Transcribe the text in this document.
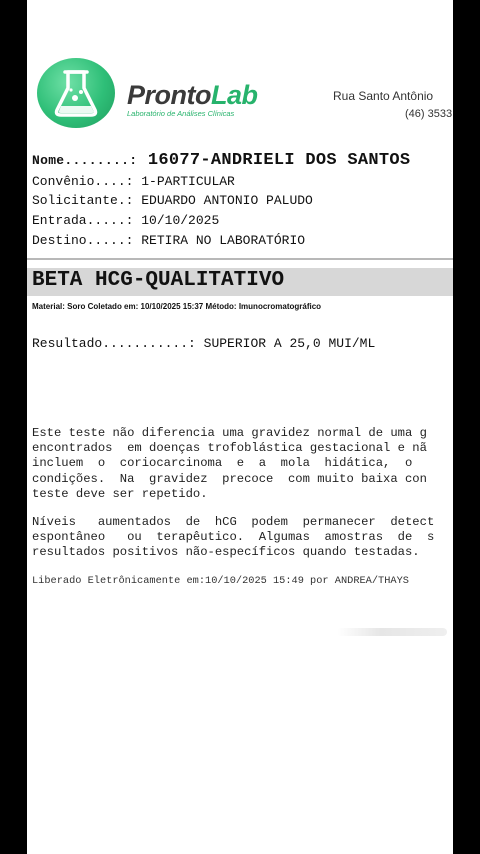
ProntoLab
Laboratório de Análises Clínicas
Rua Santo Antônio
(46) 3533
Nome........: 16077-ANDRIELI DOS SANTOS
Convênio....: 1-PARTICULAR
Solicitante.: EDUARDO ANTONIO PALUDO
Entrada.....: 10/10/2025
Destino.....: RETIRA NO LABORATÓRIO
BETA HCG-QUALITATIVO
Material: Soro Coletado em: 10/10/2025 15:37 Método: Imunocromatográfico
Resultado...........: SUPERIOR A 25,0 MUI/ML
Este teste não diferencia uma gravidez normal de uma g
encontrados  em doenças trofoblástica gestacional e nã
incluem  o  coriocarcinoma  e  a  mola  hidática,  o
condições.  Na  gravidez  precoce  com muito baixa con
teste deve ser repetido.
Níveis   aumentados  de  hCG  podem  permanecer  detect
espontâneo   ou  terapêutico.  Algumas  amostras  de  s
resultados positivos não-específicos quando testadas.
Liberado Eletrônicamente em:10/10/2025 15:49 por ANDREA/THAYS
